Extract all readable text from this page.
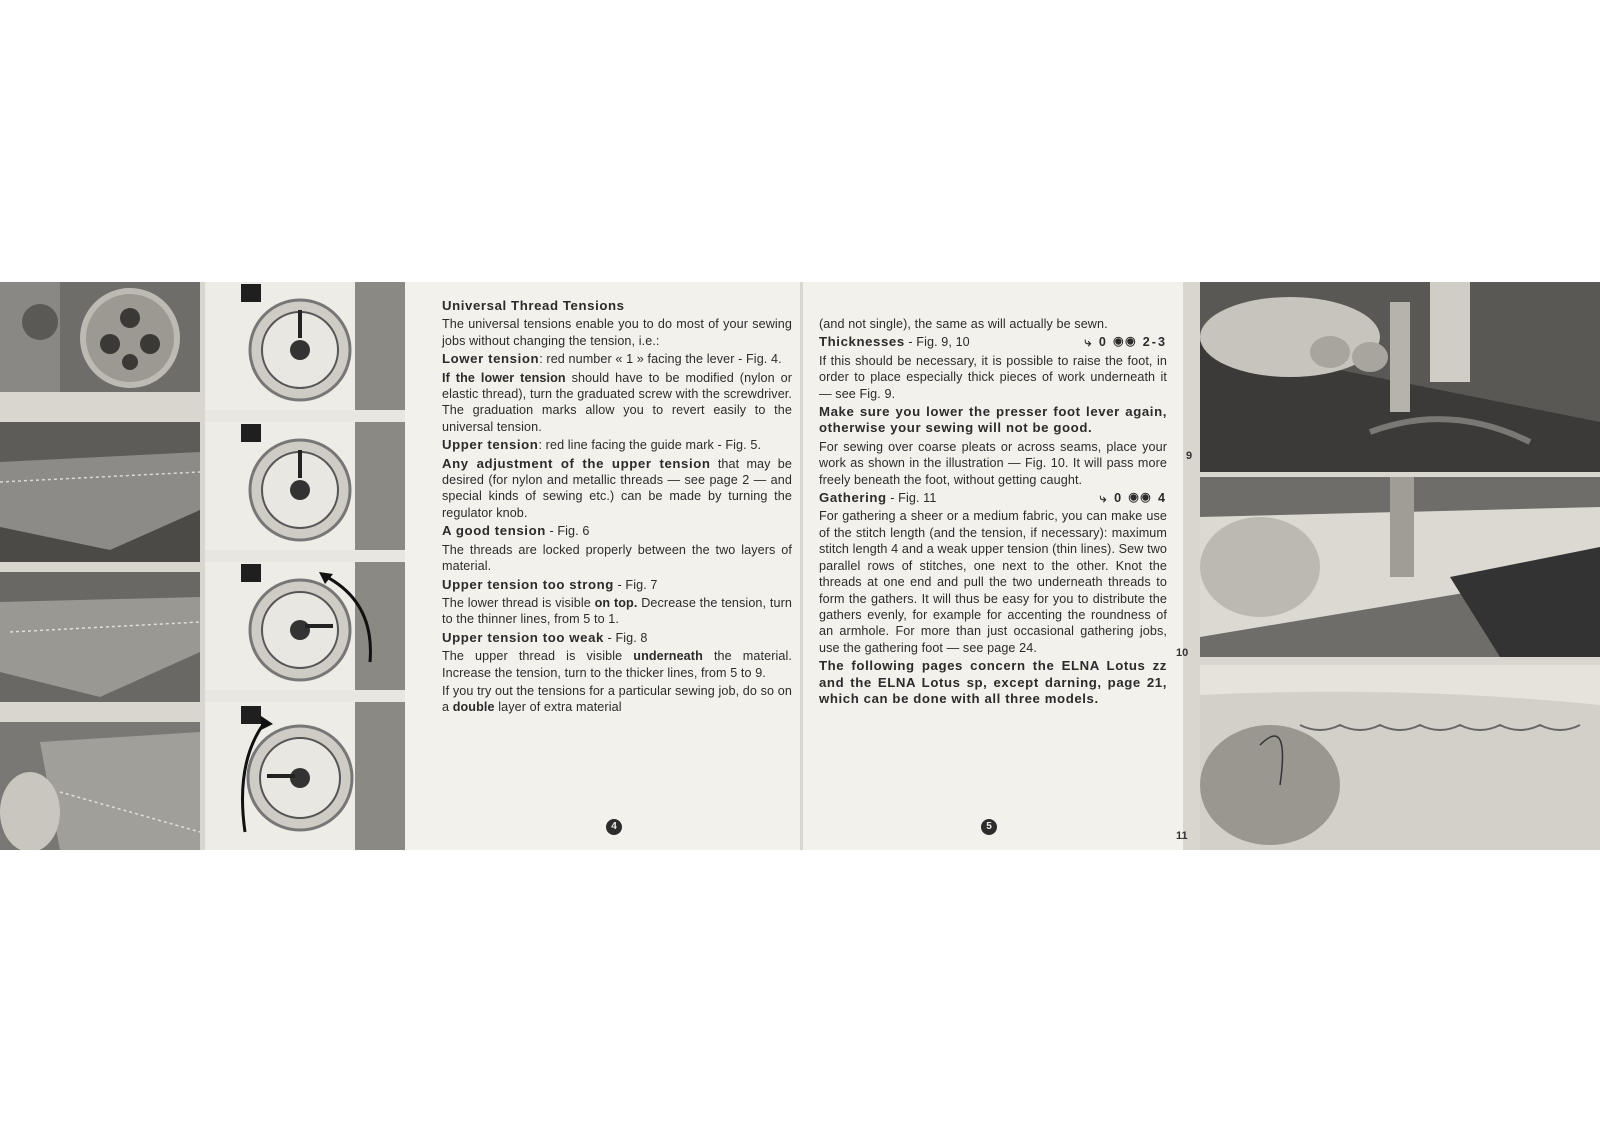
Universal Thread Tensions

The universal tensions enable you to do most of your sewing jobs without changing the tension, i.e.:

Lower tension: red number « 1 » facing the lever - Fig. 4.

If the lower tension should have to be modified (nylon or elastic thread), turn the graduated screw with the screwdriver. The graduation marks allow you to revert easily to the universal tension.

Upper tension: red line facing the guide mark - Fig. 5.

Any adjustment of the upper tension that may be desired (for nylon and metallic threads — see page 2 — and special kinds of sewing etc.) can be made by turning the regulator knob.

A good tension - Fig. 6

The threads are locked properly between the two layers of material.

Upper tension too strong - Fig. 7

The lower thread is visible on top. Decrease the tension, turn to the thinner lines, from 5 to 1.

Upper tension too weak - Fig. 8

The upper thread is visible underneath the material. Increase the tension, turn to the thicker lines, from 5 to 9.

If you try out the tensions for a particular sewing job, do so on a double layer of extra material

4

(and not single), the same as will actually be sewn.

Thicknesses - Fig. 9, 10	⤷ 0 ◉◉ 2-3

If this should be necessary, it is possible to raise the foot, in order to place especially thick pieces of work underneath it — see Fig. 9.

Make sure you lower the presser foot lever again, otherwise your sewing will not be good.

For sewing over coarse pleats or across seams, place your work as shown in the illustration — Fig. 10. It will pass more freely beneath the foot, without getting caught.

Gathering - Fig. 11	⤷ 0 ◉◉ 4

For gathering a sheer or a medium fabric, you can make use of the stitch length (and the tension, if necessary): maximum stitch length 4 and a weak upper tension (thin lines). Sew two parallel rows of stitches, one next to the other. Knot the threads at one end and pull the two underneath threads to form the gathers. It will thus be easy for you to distribute the gathers evenly, for example for accenting the roundness of an armhole. For more than just occasional gathering jobs, use the gathering foot — see page 24.

The following pages concern the ELNA Lotus zz and the ELNA Lotus sp, except darning, page 21, which can be done with all three models.

5
9
10
11
